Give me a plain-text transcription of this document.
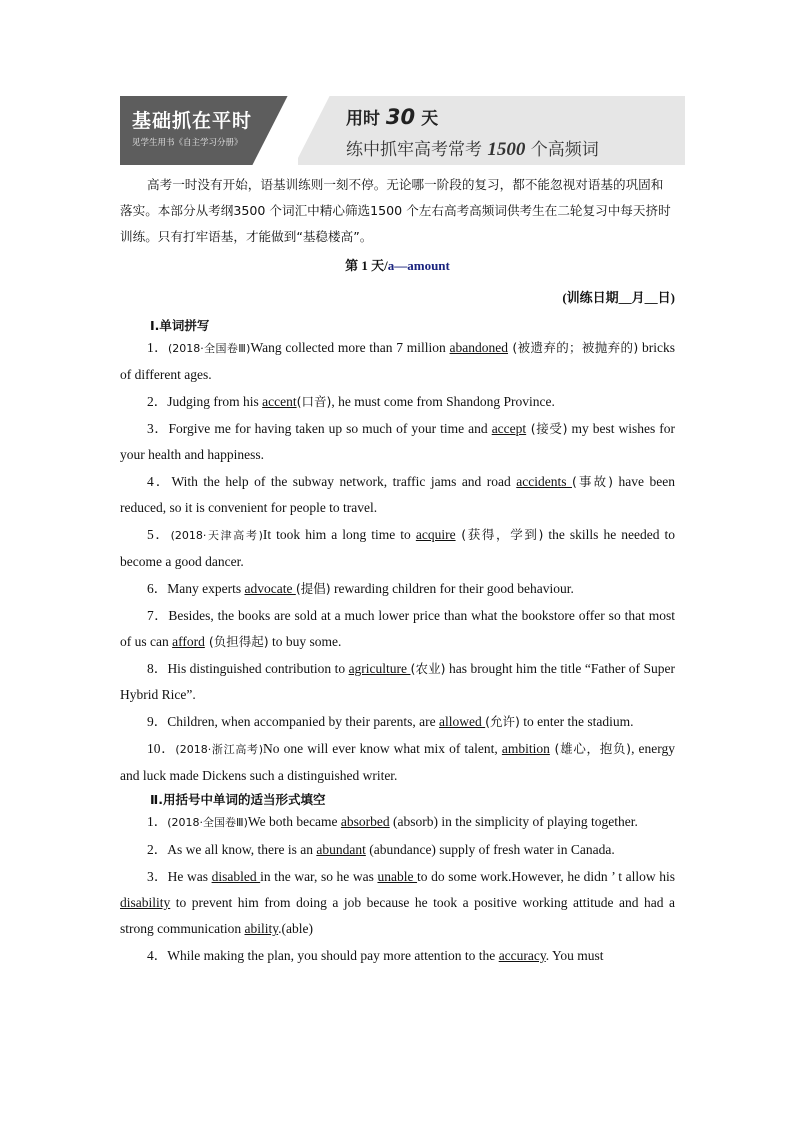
基础抓在平时
见学生用书《自主学习分册》
用时 30 天
练中抓牢高考常考 1500 个高频词

高考一时没有开始，语基训练则一刻不停。无论哪一阶段的复习，都不能忽视对语基的巩固和落实。本部分从考纲3500 个词汇中精心筛选1500 个左右高考高频词供考生在二轮复习中每天挤时训练。只有打牢语基，才能做到“基稳楼高”。

第 1 天/a—amount
(训练日期__月__日)
Ⅰ.单词拼写

1．(2018·全国卷Ⅲ)Wang collected more than 7 million abandoned (被遗弃的；被抛弃的) bricks of different ages.

2．Judging from his accent(口音), he must come from Shandong Province.

3．Forgive me for having taken up so much of your time and accept (接受) my best wishes for your health and happiness.

4．With the help of the subway network, traffic jams and road accidents (事故) have been reduced, so it is convenient for people to travel.

5．(2018·天津高考)It took him a long time to acquire (获得，学到) the skills he needed to become a good dancer.

6．Many experts advocate (提倡) rewarding children for their good behaviour.

7．Besides, the books are sold at a much lower price than what the bookstore offer so that most of us can afford (负担得起) to buy some.

8．His distinguished contribution to agriculture (农业) has brought him the title “Father of Super Hybrid Rice”.

9．Children, when accompanied by their parents, are allowed (允许) to enter the stadium.

10．(2018·浙江高考)No one will ever know what mix of talent, ambition (雄心，抱负), energy and luck made Dickens such a distinguished writer.

Ⅱ.用括号中单词的适当形式填空

1．(2018·全国卷Ⅲ)We both became absorbed (absorb) in the simplicity of playing together.

2．As we all know, there is an abundant (abundance) supply of fresh water in Canada.

3．He was disabled in the war, so he was unable to do some work.However, he didn ’ t allow his disability to prevent him from doing a job because he took a positive working attitude and had a strong communication ability.(able)

4．While making the plan, you should pay more attention to the accuracy. You must
